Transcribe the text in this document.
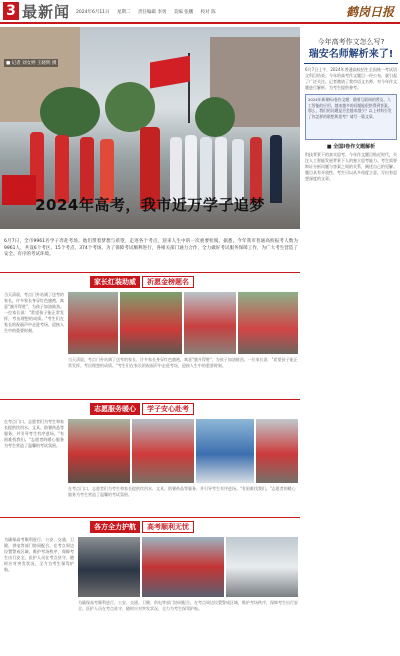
3 最新闻 2024年6月11日 星期二 责任编辑 李勇 美编 张鹏 校对 陈	鹤岗日报
■ 记者 刘女婷 王晓明 摄
2024年高考，我市近万学子追梦
今年高考作文怎么写?
瑞安名师解析来了!

6月7日上午，2024年普通高校招生全国统一考试语文科目结束。今年的高考作文题目一经公布，就引起了广泛关注。记者邀请了我市语文名师，对今年作文题进行解析，为考生提供参考。

2024年新课标I卷作文题：随着互联网的普及、人工智能的应用，越来越多的问题能很快得到答案。那么，我们的问题是否会越来越少？以上材料引发了你怎样的联想和思考？请写一篇文章。

■ 全国I卷作文题解析

科技背景下的真实思考。今年作文题目贴近时代，关注人工智能发展背景下人的独立思考能力。考生需要辩证分析问题与答案之间的关系，阐述自己的见解。题目具有开放性，考生可以从多角度立意，写出有思想深度的文章。

6月7日，全市9961名学子奔赴考场。他们带着梦想与希望，走进各个考点，迎来人生中的一次重要检阅。据悉，今年我市普通高校报考人数为9961人，共设6个考区、15个考点、374个考场。为了保障考试顺利进行，各相关部门通力合作，全力做好考试服务保障工作，为广大考生营造了安全、有序的考试环境。

家长红装助威	祈愿金榜题名

当天清晨，考点门外站满了送考的家长，许多家长身穿红色旗袍，寓意"旗开得胜"，为孩子加油鼓劲。一位家长说："希望孩子能正常发挥，考出理想的成绩。"考生们在家长的祝福声中走进考场，迎接人生中的重要时刻。

当天清晨，考点门外站满了送考的家长，许多家长身穿红色旗袍，寓意"旗开得胜"，为孩子加油鼓劲。一位家长说："希望孩子能正常发挥，考出理想的成绩。"考生们在家长的祝福声中走进考场，迎接人生中的重要时刻。

志愿服务暖心	学子安心赴考

在考点门口，志愿者们为考生和家长提供饮用水、文具、防暑药品等服务，并引导考生有序进场。"有困难找我们。"志愿者的暖心服务为考生营造了温馨的考试氛围。

在考点门口，志愿者们为考生和家长提供饮用水、文具、防暑药品等服务，并引导考生有序进场。"有困难找我们。"志愿者的暖心服务为考生营造了温馨的考试氛围。

各方全力护航	高考顺利无忧

为确保高考顺利进行，公安、交通、卫健、供电等部门协同配合，在考点周边设置警戒区域，维护考场秩序，保障考生出行安全。医护人员在考点驻守，随时应对突发状况，全力为考生保驾护航。

为确保高考顺利进行，公安、交通、卫健、供电等部门协同配合，在考点周边设置警戒区域，维护考场秩序，保障考生出行安全。医护人员在考点驻守，随时应对突发状况，全力为考生保驾护航。
